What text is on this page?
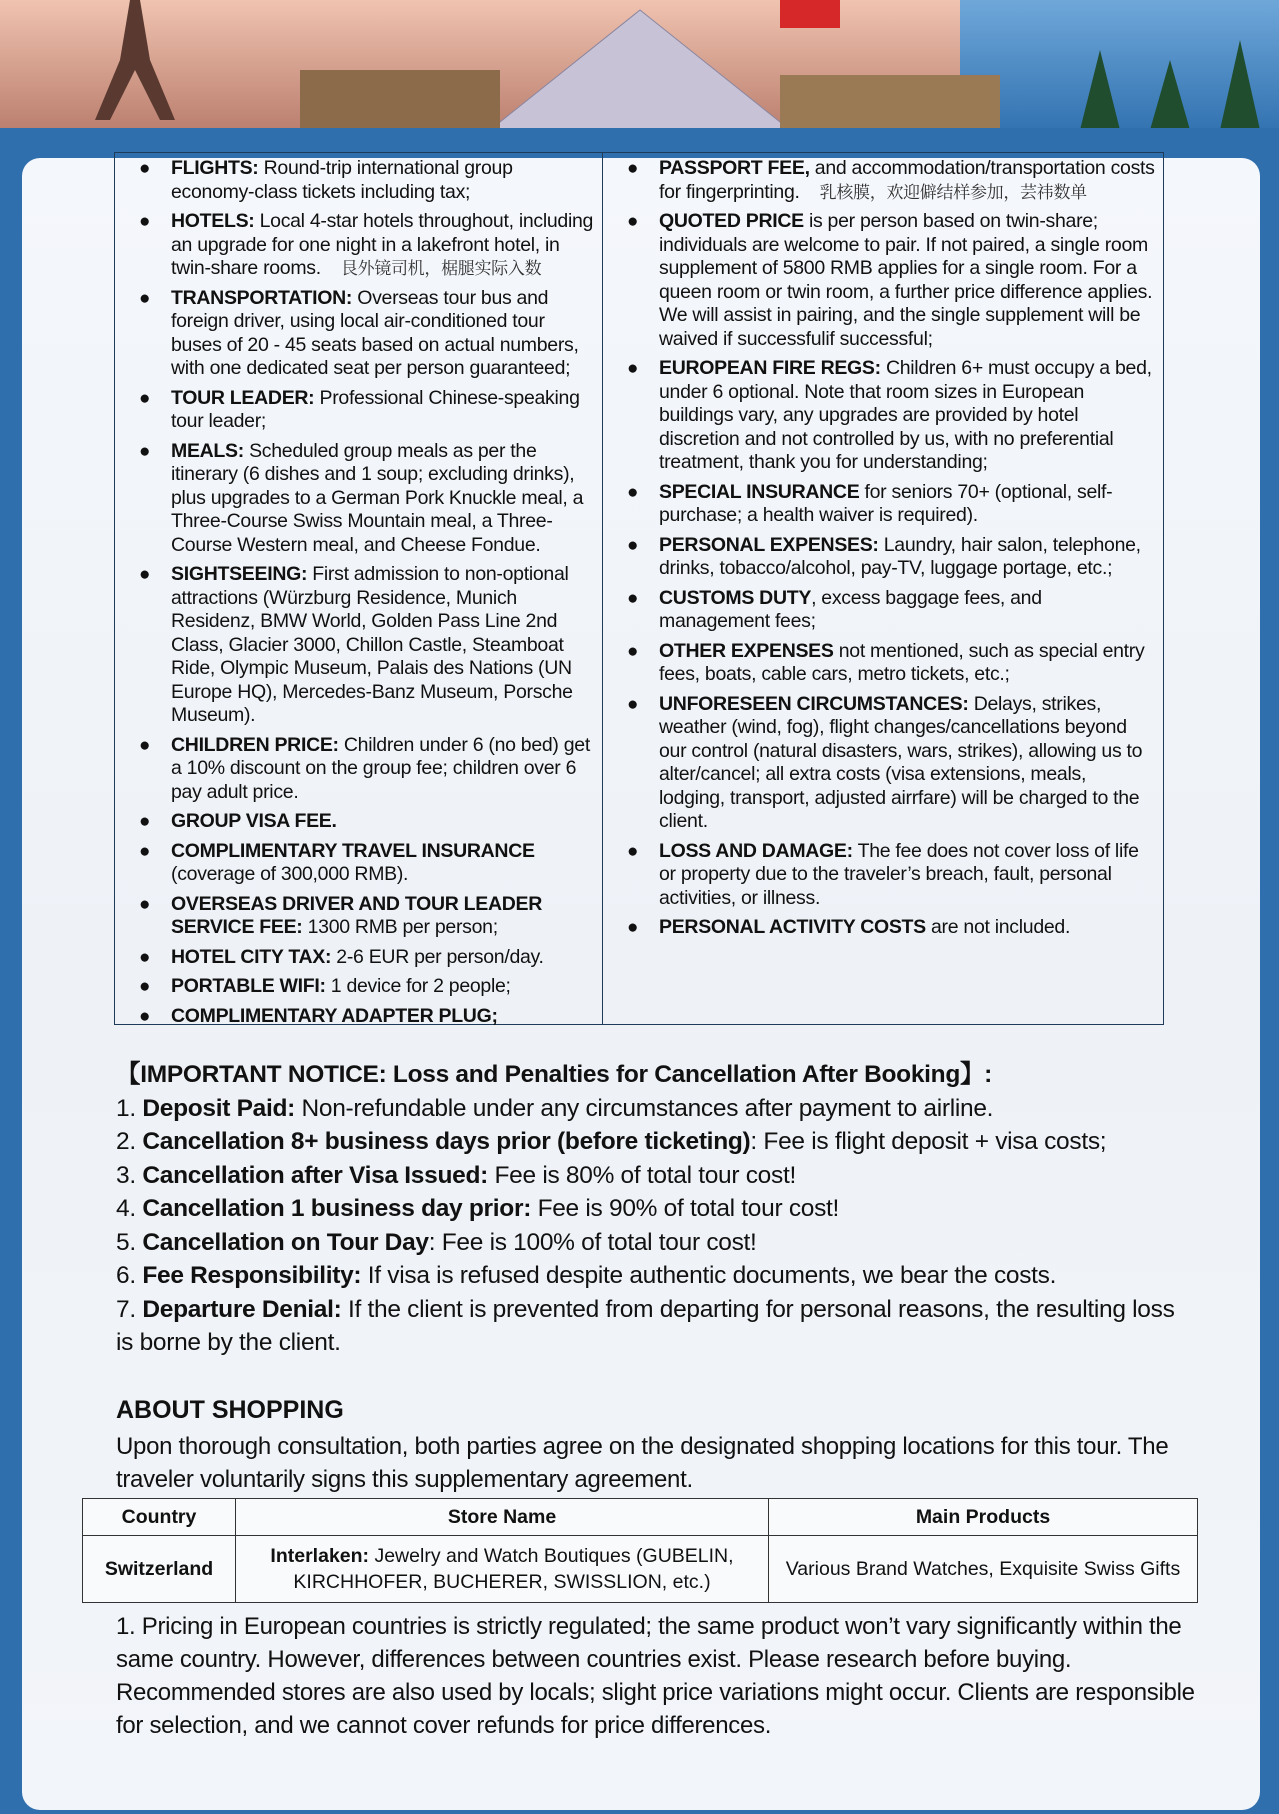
● FLIGHTS: Round-trip international group economy-class tickets including tax;
● HOTELS: Local 4-star hotels throughout, including an upgrade for one night in a lakefront hotel, in twin-share rooms. 艮外镜司机，椐腿实际入数
● TRANSPORTATION: Overseas tour bus and foreign driver, using local air-conditioned tour buses of 20 - 45 seats based on actual numbers, with one dedicated seat per person guaranteed;
● TOUR LEADER: Professional Chinese-speaking tour leader;
● MEALS: Scheduled group meals as per the itinerary (6 dishes and 1 soup; excluding drinks), plus upgrades to a German Pork Knuckle meal, a Three-Course Swiss Mountain meal, a Three-Course Western meal, and Cheese Fondue.
● SIGHTSEEING: First admission to non-optional attractions (Würzburg Residence, Munich Residenz, BMW World, Golden Pass Line 2nd Class, Glacier 3000, Chillon Castle, Steamboat Ride, Olympic Museum, Palais des Nations (UN Europe HQ), Mercedes-Banz Museum, Porsche Museum).
● CHILDREN PRICE: Children under 6 (no bed) get a 10% discount on the group fee; children over 6 pay adult price.
● GROUP VISA FEE.
● COMPLIMENTARY TRAVEL INSURANCE (coverage of 300,000 RMB).
● OVERSEAS DRIVER AND TOUR LEADER SERVICE FEE: 1300 RMB per person;
● HOTEL CITY TAX: 2-6 EUR per person/day.
● PORTABLE WIFI: 1 device for 2 people;
● COMPLIMENTARY ADAPTER PLUG;
● PASSPORT FEE, and accommodation/transportation costs for fingerprinting. 乳核膜，欢迎僻结样参加，芸祎数单
● QUOTED PRICE is per person based on twin-share; individuals are welcome to pair. If not paired, a single room supplement of 5800 RMB applies for a single room. For a queen room or twin room, a further price difference applies. We will assist in pairing, and the single supplement will be waived if successfulif successful;
● EUROPEAN FIRE REGS: Children 6+ must occupy a bed, under 6 optional. Note that room sizes in European buildings vary, any upgrades are provided by hotel discretion and not controlled by us, with no preferential treatment, thank you for understanding;
● SPECIAL INSURANCE for seniors 70+ (optional, self-purchase; a health waiver is required).
● PERSONAL EXPENSES: Laundry, hair salon, telephone, drinks, tobacco/alcohol, pay-TV, luggage portage, etc.;
● CUSTOMS DUTY, excess baggage fees, and management fees;
● OTHER EXPENSES not mentioned, such as special entry fees, boats, cable cars, metro tickets, etc.;
● UNFORESEEN CIRCUMSTANCES: Delays, strikes, weather (wind, fog), flight changes/cancellations beyond our control (natural disasters, wars, strikes), allowing us to alter/cancel; all extra costs (visa extensions, meals, lodging, transport, adjusted airrfare) will be charged to the client.
● LOSS AND DAMAGE: The fee does not cover loss of life or property due to the traveler’s breach, fault, personal activities, or illness.
● PERSONAL ACTIVITY COSTS are not included.
【IMPORTANT NOTICE: Loss and Penalties for Cancellation After Booking】:
1. Deposit Paid: Non-refundable under any circumstances after payment to airline.
2. Cancellation 8+ business days prior (before ticketing): Fee is flight deposit + visa costs;
3. Cancellation after Visa Issued: Fee is 80% of total tour cost!
4. Cancellation 1 business day prior: Fee is 90% of total tour cost!
5. Cancellation on Tour Day: Fee is 100% of total tour cost!
6. Fee Responsibility: If visa is refused despite authentic documents, we bear the costs.
7. Departure Denial: If the client is prevented from departing for personal reasons, the resulting loss is borne by the client.
ABOUT SHOPPING
Upon thorough consultation, both parties agree on the designated shopping locations for this tour. The traveler voluntarily signs this supplementary agreement.
Country	Store Name	Main Products
Switzerland	Interlaken: Jewelry and Watch Boutiques (GUBELIN, KIRCHHOFER, BUCHERER, SWISSLION, etc.)	Various Brand Watches, Exquisite Swiss Gifts
1. Pricing in European countries is strictly regulated; the same product won’t vary significantly within the same country. However, differences between countries exist. Please research before buying. Recommended stores are also used by locals; slight price variations might occur. Clients are responsible for selection, and we cannot cover refunds for price differences.
